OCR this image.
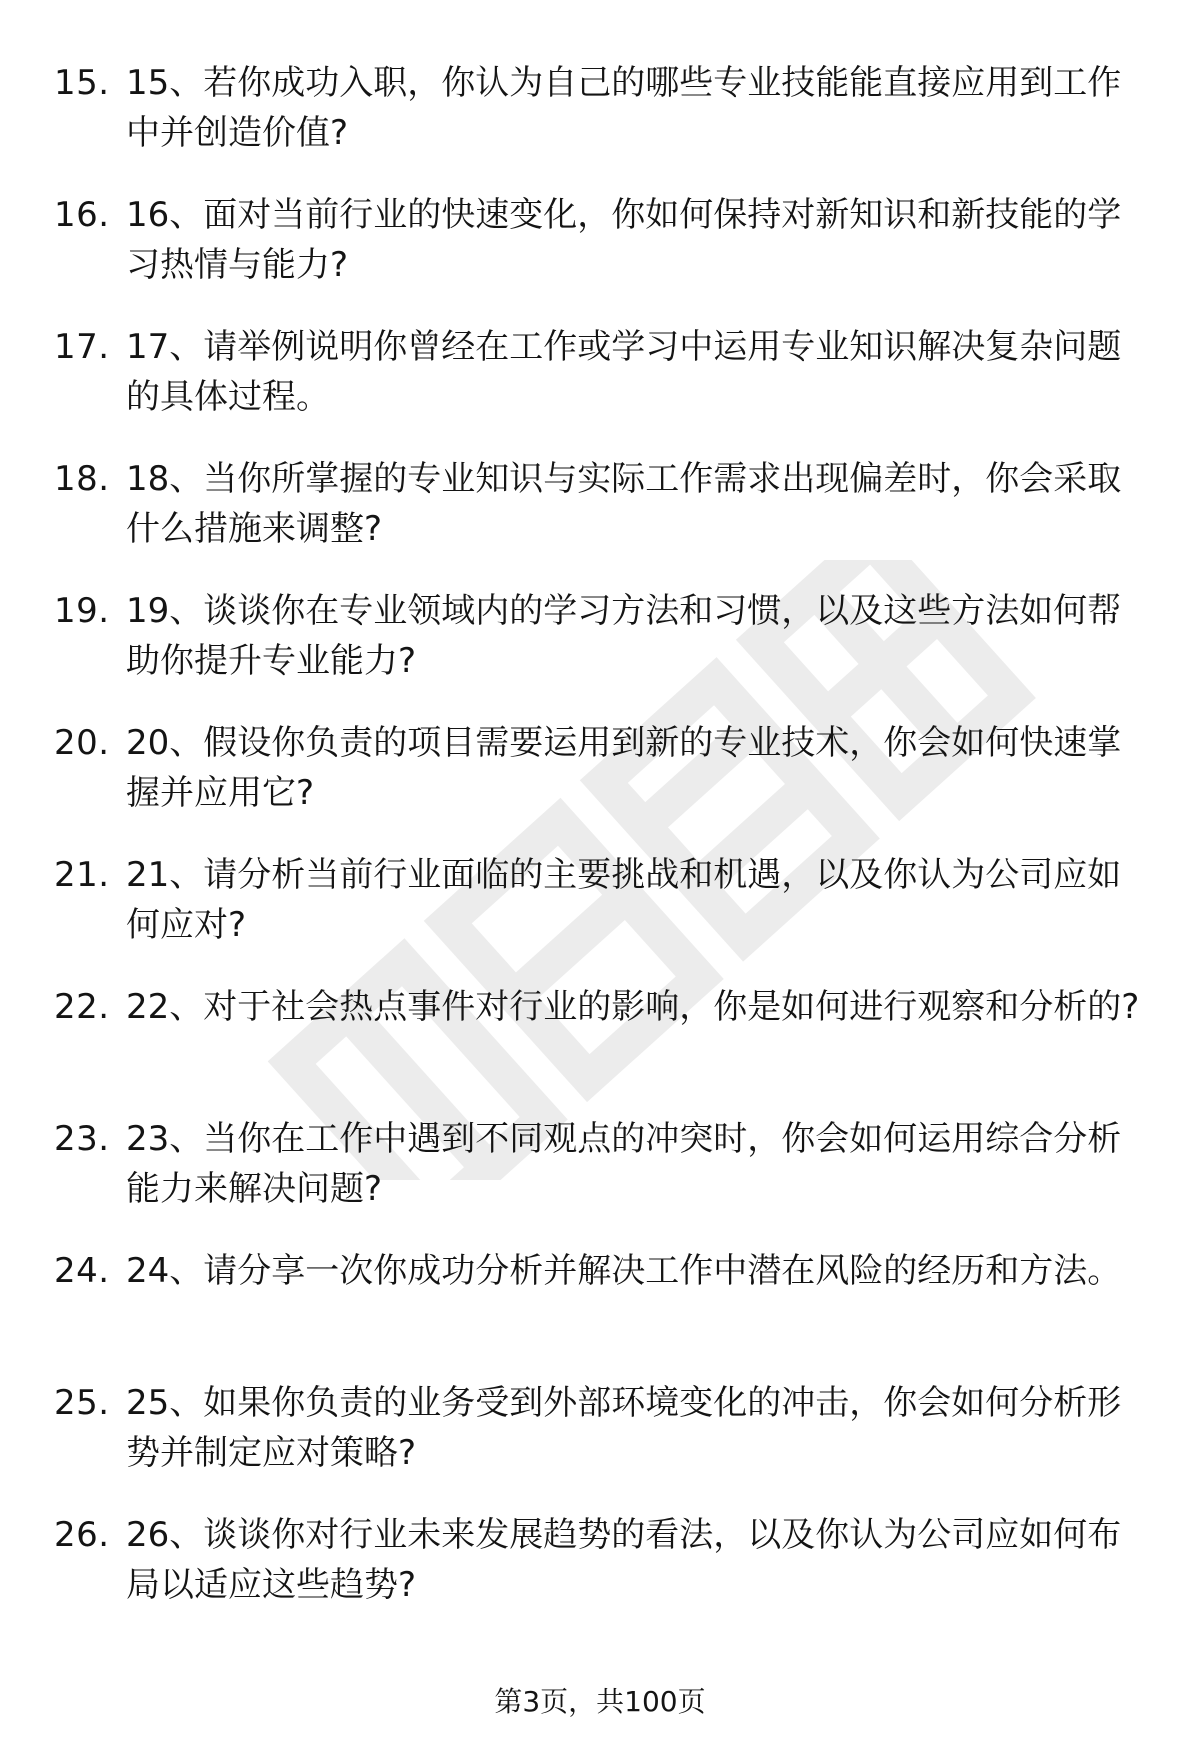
15. 15、若你成功入职，你认为自己的哪些专业技能能直接应用到工作中并创造价值?
16. 16、面对当前行业的快速变化，你如何保持对新知识和新技能的学习热情与能力?
17. 17、请举例说明你曾经在工作或学习中运用专业知识解决复杂问题的具体过程。
18. 18、当你所掌握的专业知识与实际工作需求出现偏差时，你会采取什么措施来调整?
19. 19、谈谈你在专业领域内的学习方法和习惯，以及这些方法如何帮助你提升专业能力?
20. 20、假设你负责的项目需要运用到新的专业技术，你会如何快速掌握并应用它?
21. 21、请分析当前行业面临的主要挑战和机遇，以及你认为公司应如何应对?
22. 22、对于社会热点事件对行业的影响，你是如何进行观察和分析的?
23. 23、当你在工作中遇到不同观点的冲突时，你会如何运用综合分析能力来解决问题?
24. 24、请分享一次你成功分析并解决工作中潜在风险的经历和方法。
25. 25、如果你负责的业务受到外部环境变化的冲击，你会如何分析形势并制定应对策略?
26. 26、谈谈你对行业未来发展趋势的看法，以及你认为公司应如何布局以适应这些趋势?
第3页，共100页
